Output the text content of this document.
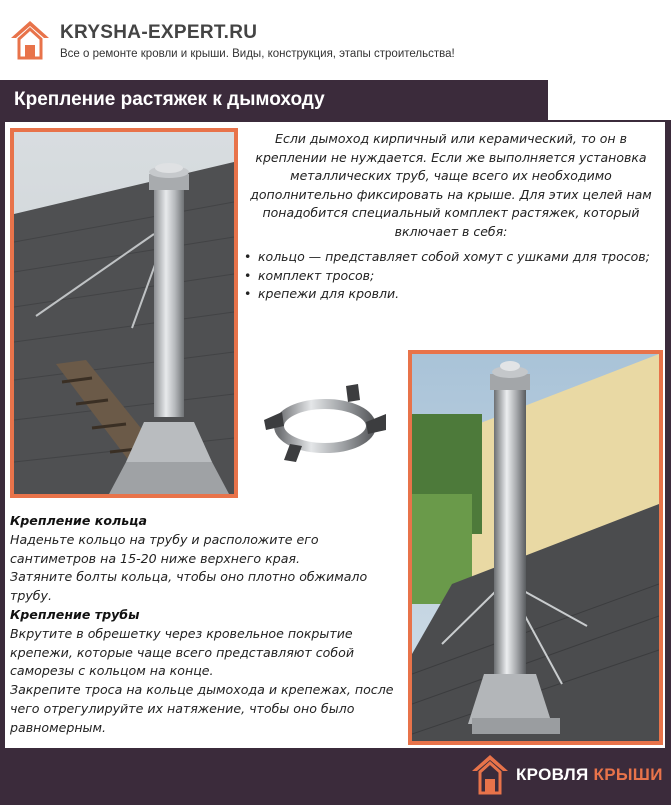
KRYSHA-EXPERT.RU
Все о ремонте кровли и крыши. Виды, конструкция, этапы строительства!
Крепление растяжек к дымоходу
Если дымоход кирпичный или керамический, то он в креплении не нуждается. Если же выполняется установка металлических труб, чаще всего их необходимо дополнительно фиксировать на крыше. Для этих целей нам понадобится специальный комплект растяжек, который включает в себя:
• кольцо — представляет собой хомут с ушками для тросов;
• комплект тросов;
• крепежи для кровли.
Крепление кольца
Наденьте кольцо на трубу и расположите его сантиметров на 15-20 ниже верхнего края.
Затяните болты кольца, чтобы оно плотно обжимало трубу.
Крепление трубы
Вкрутите в обрешетку через кровельное покрытие крепежи, которые чаще всего представляют собой саморезы с кольцом на конце.
Закрепите троса на кольце дымохода и крепежах, после чего отрегулируйте их натяжение, чтобы оно было равномерным.
КРОВЛЯ КРЫШИ
